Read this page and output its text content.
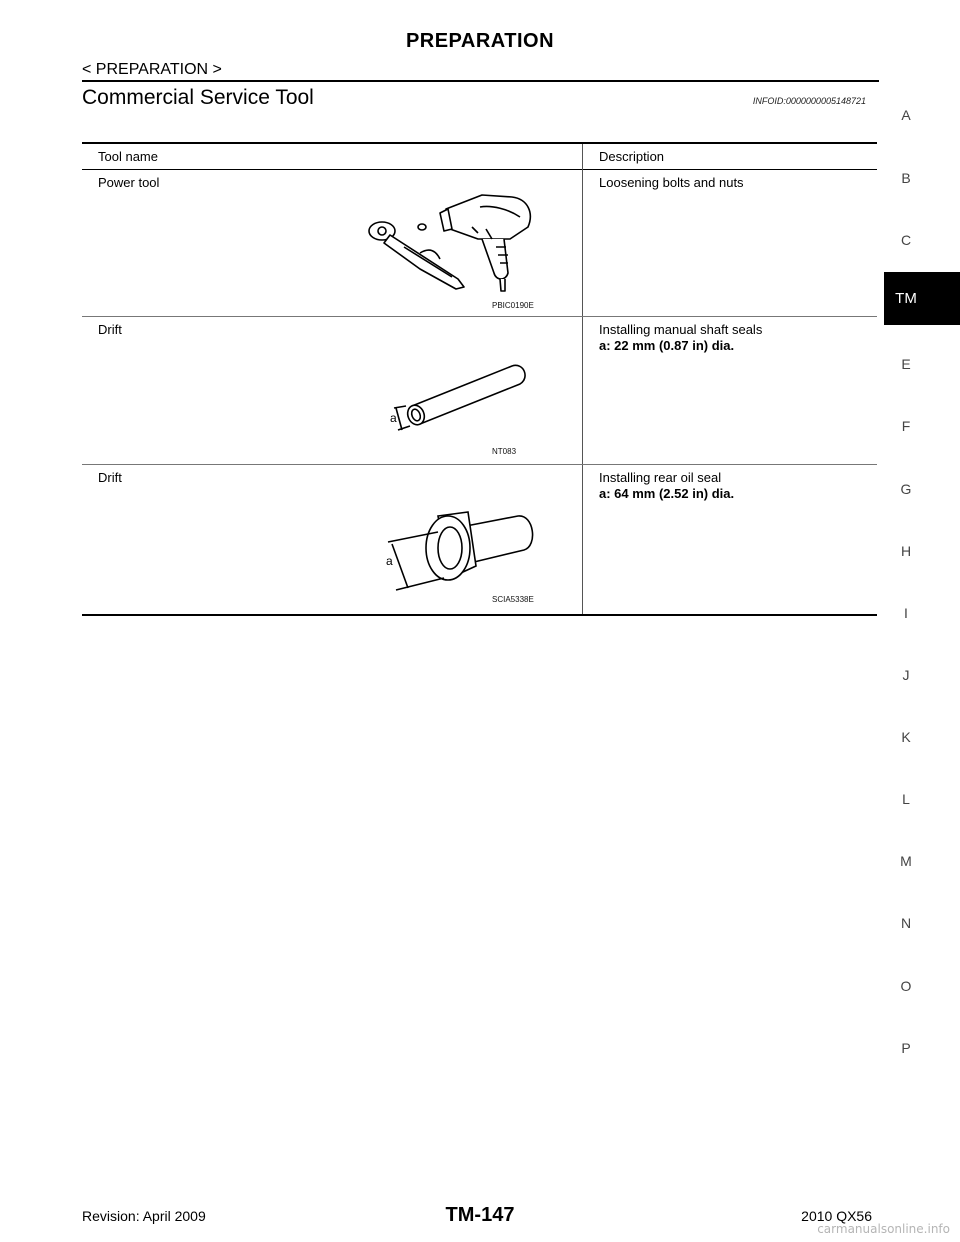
PREPARATION
< PREPARATION >
Commercial Service Tool	INFOID:0000000005148721
Tool name	Description
Power tool	Loosening bolts and nuts
PBIC0190E
Drift	Installing manual shaft seals
a: 22 mm (0.87 in) dia.
a
NT083
Drift	Installing rear oil seal
a: 64 mm (2.52 in) dia.
a
SCIA5338E
A
B
C
TM
E
F
G
H
I
J
K
L
M
N
O
P
Revision: April 2009	TM-147	2010 QX56
carmanualsonline.info
